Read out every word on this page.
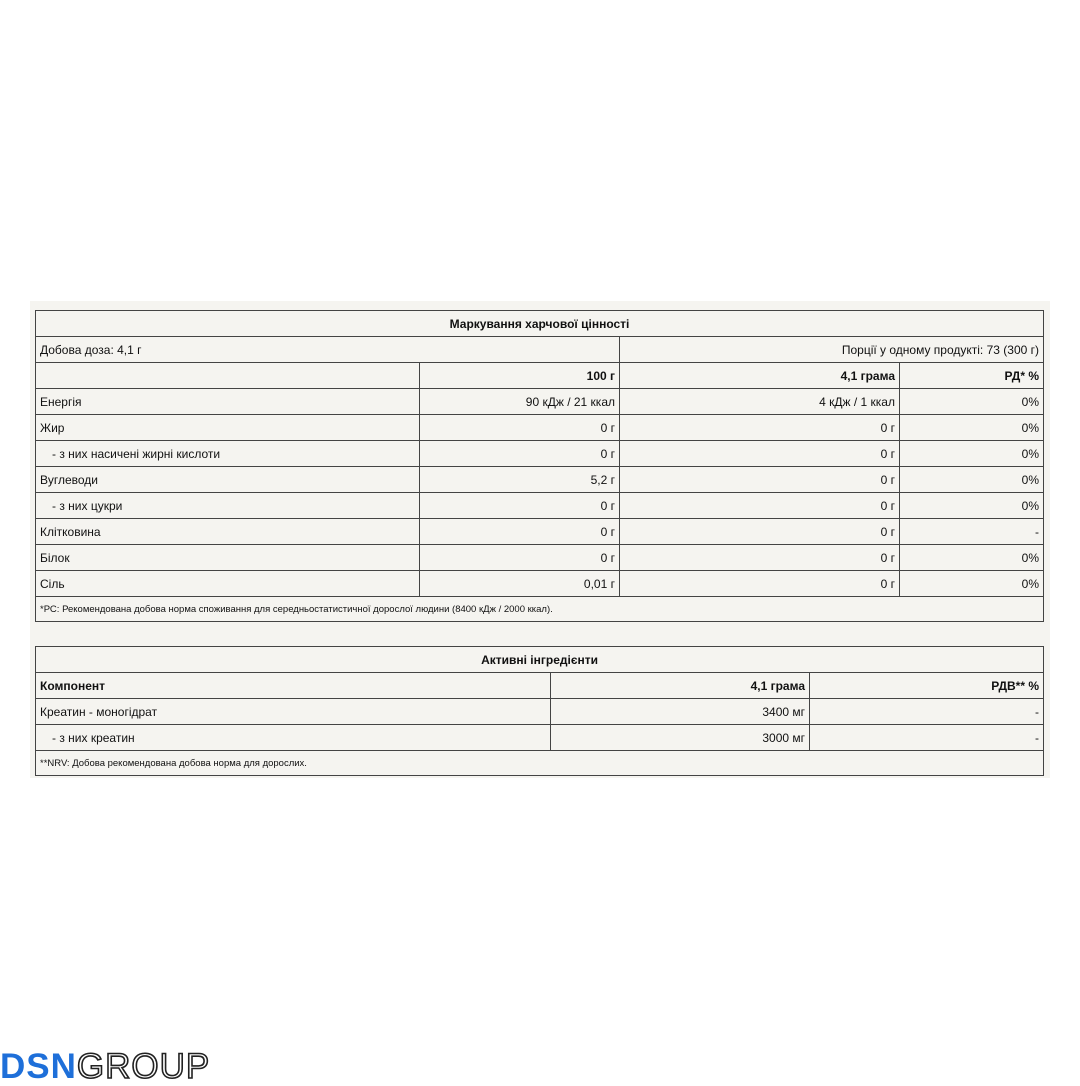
Маркування харчової цінності			
Добова доза: 4,1 г		Порції у одному продукті: 73 (300 г)	
	100 г	4,1 грама	РД* %
Енергія	90 кДж / 21 ккал	4 кДж / 1 ккал	0%
Жир	0 г	0 г	0%
- з них насичені жирні кислоти	0 г	0 г	0%
Вуглеводи	5,2 г	0 г	0%
- з них цукри	0 г	0 г	0%
Клітковина	0 г	0 г	-
Білок	0 г	0 г	0%
Сіль	0,01 г	0 г	0%
*РС: Рекомендована добова норма споживання для середньостатистичної дорослої людини (8400 кДж / 2000 ккал).			
Активні інгредієнти		
Компонент	4,1 грама	РДВ** %
Креатин - моногідрат	3400 мг	-
- з них креатин	3000 мг	-
**NRV: Добова рекомендована добова норма для дорослих.		
DSNGROUP
